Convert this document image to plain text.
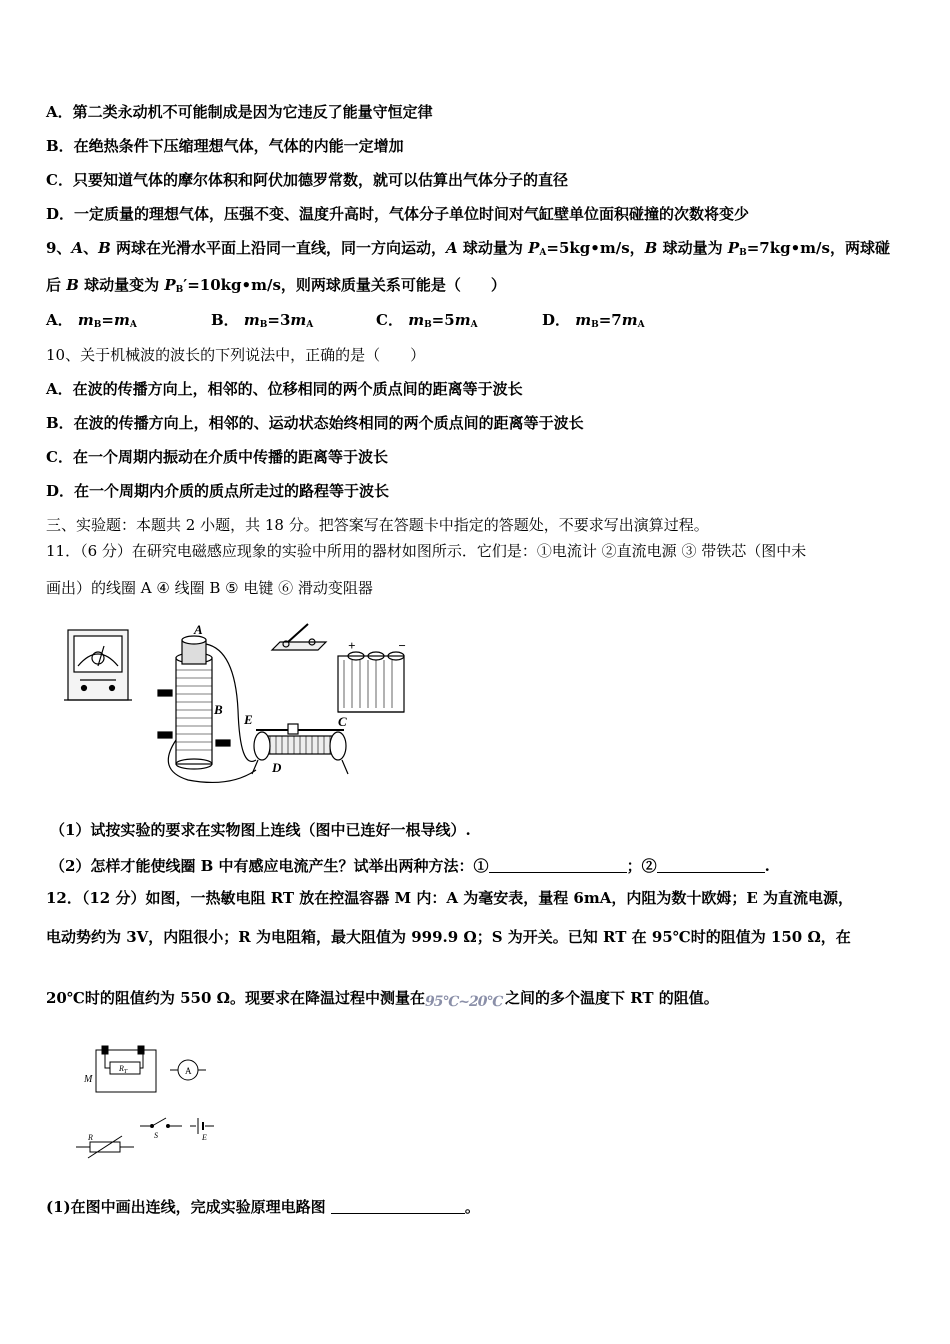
A．第二类永动机不可能制成是因为它违反了能量守恒定律
B．在绝热条件下压缩理想气体，气体的内能一定增加
C．只要知道气体的摩尔体积和阿伏加德罗常数，就可以估算出气体分子的直径
D．一定质量的理想气体，压强不变、温度升高时，气体分子单位时间对气缸壁单位面积碰撞的次数将变少
9、A、B 两球在光滑水平面上沿同一直线，同一方向运动，A 球动量为 $P_A=5kg•m/s$，B 球动量为 $P_B=7kg•m/s$，两球碰
后 B 球动量变为 $P_B'=10kg•m/s$，则两球质量关系可能是（　　）
A． $m_B=m_A$	B． $m_B=3m_A$	C． $m_B=5m_A$	D． $m_B=7m_A$
10、关于机械波的波长的下列说法中，正确的是（　　）
A．在波的传播方向上，相邻的、位移相同的两个质点间的距离等于波长
B．在波的传播方向上，相邻的、运动状态始终相同的两个质点间的距离等于波长
C．在一个周期内振动在介质中传播的距离等于波长
D．在一个周期内介质的质点所走过的路程等于波长
三、实验题：本题共 2 小题，共 18 分。把答案写在答题卡中指定的答题处，不要求写出演算过程。
11．（6 分）在研究电磁感应现象的实验中所用的器材如图所示．它们是：①电流计 ②直流电源 ③ 带铁芯（图中未
画出）的线圈 A ④ 线圈 B ⑤ 电键 ⑥ 滑动变阻器
A
B
C
D
E
+	−
（1）试按实验的要求在实物图上连线（图中已连好一根导线）.
（2）怎样才能使线圈 B 中有感应电流产生？试举出两种方法：①	；②	.
12．（12 分）如图，一热敏电阻 RT 放在控温容器 M 内：A 为毫安表，量程 6mA，内阻为数十欧姆；E 为直流电源，
电动势约为 3V，内阻很小；R 为电阻箱，最大阻值为 999.9 Ω；S 为开关。已知 RT 在 95℃时的阻值为 150 Ω，在
20℃时的阻值约为 550 Ω。现要求在降温过程中测量在95℃~20℃ 之间的多个温度下 RT 的阻值。
M
$R_T$	A
S	E
R
(1)在图中画出连线，完成实验原理电路图	。
